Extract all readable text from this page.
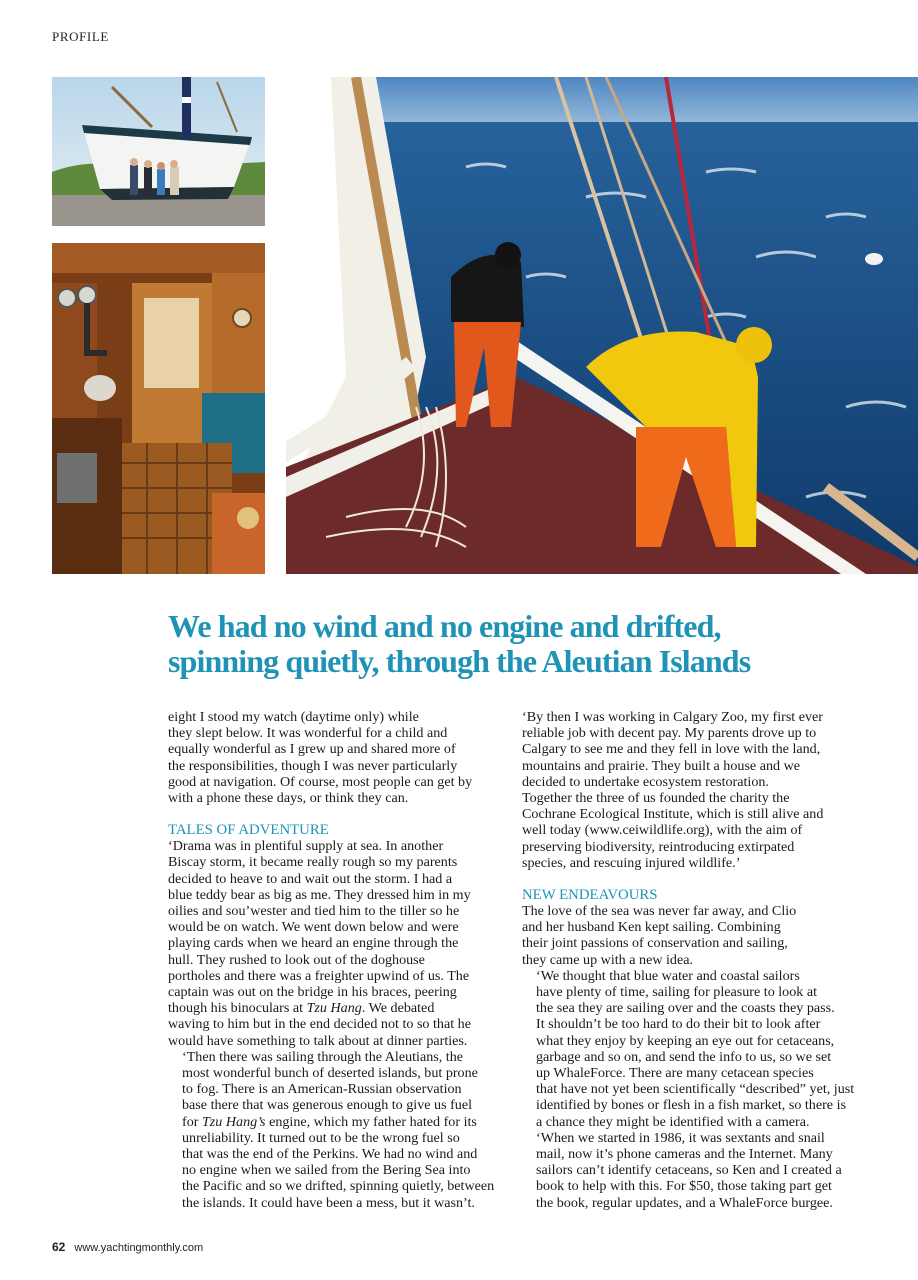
PROFILE
PESCADOR
We had no wind and no engine and drifted,
spinning quietly, through the Aleutian Islands

eight I stood my watch (daytime only) while
they slept below. It was wonderful for a child and
equally wonderful as I grew up and shared more of
the responsibilities, though I was never particularly
good at navigation. Of course, most people can get by
with a phone these days, or think they can.

TALES OF ADVENTURE

‘Drama was in plentiful supply at sea. In another
Biscay storm, it became really rough so my parents
decided to heave to and wait out the storm. I had a
blue teddy bear as big as me. They dressed him in my
oilies and sou’wester and tied him to the tiller so he
would be on watch. We went down below and were
playing cards when we heard an engine through the
hull. They rushed to look out of the doghouse
portholes and there was a freighter upwind of us. The
captain was out on the bridge in his braces, peering
though his binoculars at Tzu Hang. We debated
waving to him but in the end decided not to so that he
would have something to talk about at dinner parties.

‘Then there was sailing through the Aleutians, the
most wonderful bunch of deserted islands, but prone
to fog. There is an American-Russian observation
base there that was generous enough to give us fuel
for Tzu Hang’s engine, which my father hated for its
unreliability. It turned out to be the wrong fuel so
that was the end of the Perkins. We had no wind and
no engine when we sailed from the Bering Sea into
the Pacific and so we drifted, spinning quietly, between
the islands. It could have been a mess, but it wasn’t.

‘By then I was working in Calgary Zoo, my first ever
reliable job with decent pay. My parents drove up to
Calgary to see me and they fell in love with the land,
mountains and prairie. They built a house and we
decided to undertake ecosystem restoration.
Together the three of us founded the charity the
Cochrane Ecological Institute, which is still alive and
well today (www.ceiwildlife.org), with the aim of
preserving biodiversity, reintroducing extirpated
species, and rescuing injured wildlife.’

NEW ENDEAVOURS

The love of the sea was never far away, and Clio
and her husband Ken kept sailing. Combining
their joint passions of conservation and sailing,
they came up with a new idea.

‘We thought that blue water and coastal sailors
have plenty of time, sailing for pleasure to look at
the sea they are sailing over and the coasts they pass.
It shouldn’t be too hard to do their bit to look after
what they enjoy by keeping an eye out for cetaceans,
garbage and so on, and send the info to us, so we set
up WhaleForce. There are many cetacean species
that have not yet been scientifically “described” yet, just
identified by bones or flesh in a fish market, so there is
a chance they might be identified with a camera.

‘When we started in 1986, it was sextants and snail
mail, now it’s phone cameras and the Internet. Many
sailors can’t identify cetaceans, so Ken and I created a
book to help with this. For $50, those taking part get
the book, regular updates, and a WhaleForce burgee.

62 www.yachtingmonthly.com
